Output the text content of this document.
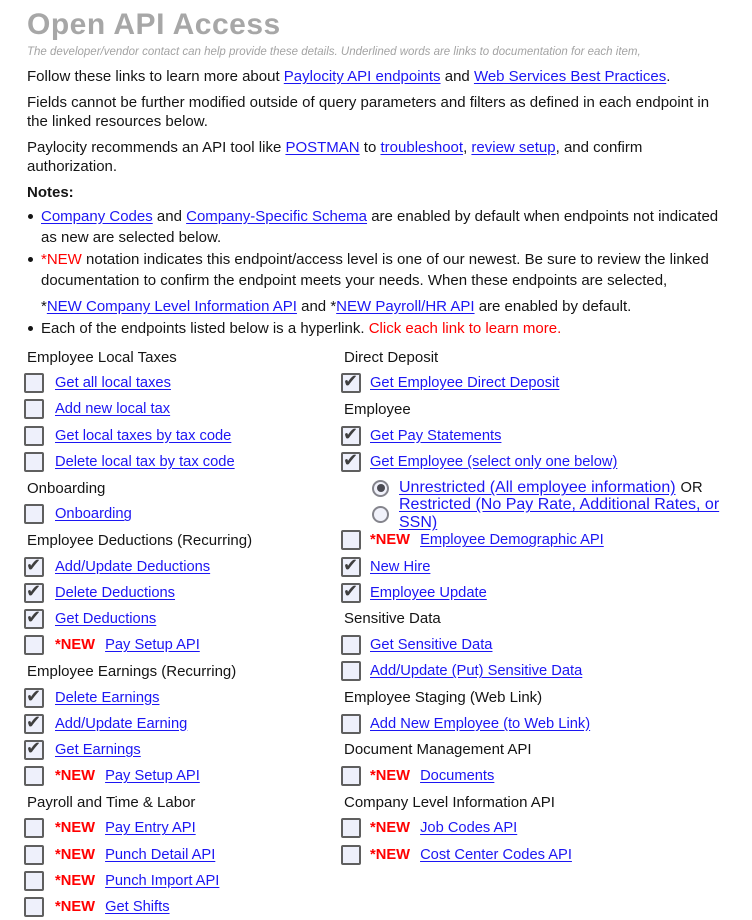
Open API Access
The developer/vendor contact can help provide these details. Underlined words are links to documentation for each item,
Follow these links to learn more about Paylocity API endpoints and Web Services Best Practices.
Fields cannot be further modified outside of query parameters and filters as defined in each endpoint in the linked resources below.
Paylocity recommends an API tool like POSTMAN to troubleshoot, review setup, and confirm authorization.
Notes:
Company Codes and Company-Specific Schema are enabled by default when endpoints not indicated as new are selected below.
*NEW notation indicates this endpoint/access level is one of our newest. Be sure to review the linked documentation to confirm the endpoint meets your needs. When these endpoints are selected,
*NEW Company Level Information API and *NEW Payroll/HR API are enabled by default.
Each of the endpoints listed below is a hyperlink. Click each link to learn more.
Employee Local Taxes
Get all local taxes
Add new local tax
Get local taxes by tax code
Delete local tax by tax code
Onboarding
Onboarding
Employee Deductions (Recurring)
✔
Add/Update Deductions
✔
Delete Deductions
✔
Get Deductions
*NEW Pay Setup API
Employee Earnings (Recurring)
✔
Delete Earnings
✔
Add/Update Earning
✔
Get Earnings
*NEW Pay Setup API
Payroll and Time & Labor
*NEW Pay Entry API
*NEW Punch Detail API
*NEW Punch Import API
*NEW Get Shifts
Direct Deposit
✔
Get Employee Direct Deposit
Employee
✔
Get Pay Statements
✔
Get Employee (select only one below)
Unrestricted (All employee information) OR
Restricted (No Pay Rate, Additional Rates, or SSN)
*NEW Employee Demographic API
✔
New Hire
✔
Employee Update
Sensitive Data
Get Sensitive Data
Add/Update (Put) Sensitive Data
Employee Staging (Web Link)
Add New Employee (to Web Link)
Document Management API
*NEW Documents
Company Level Information API
*NEW Job Codes API
*NEW Cost Center Codes API
